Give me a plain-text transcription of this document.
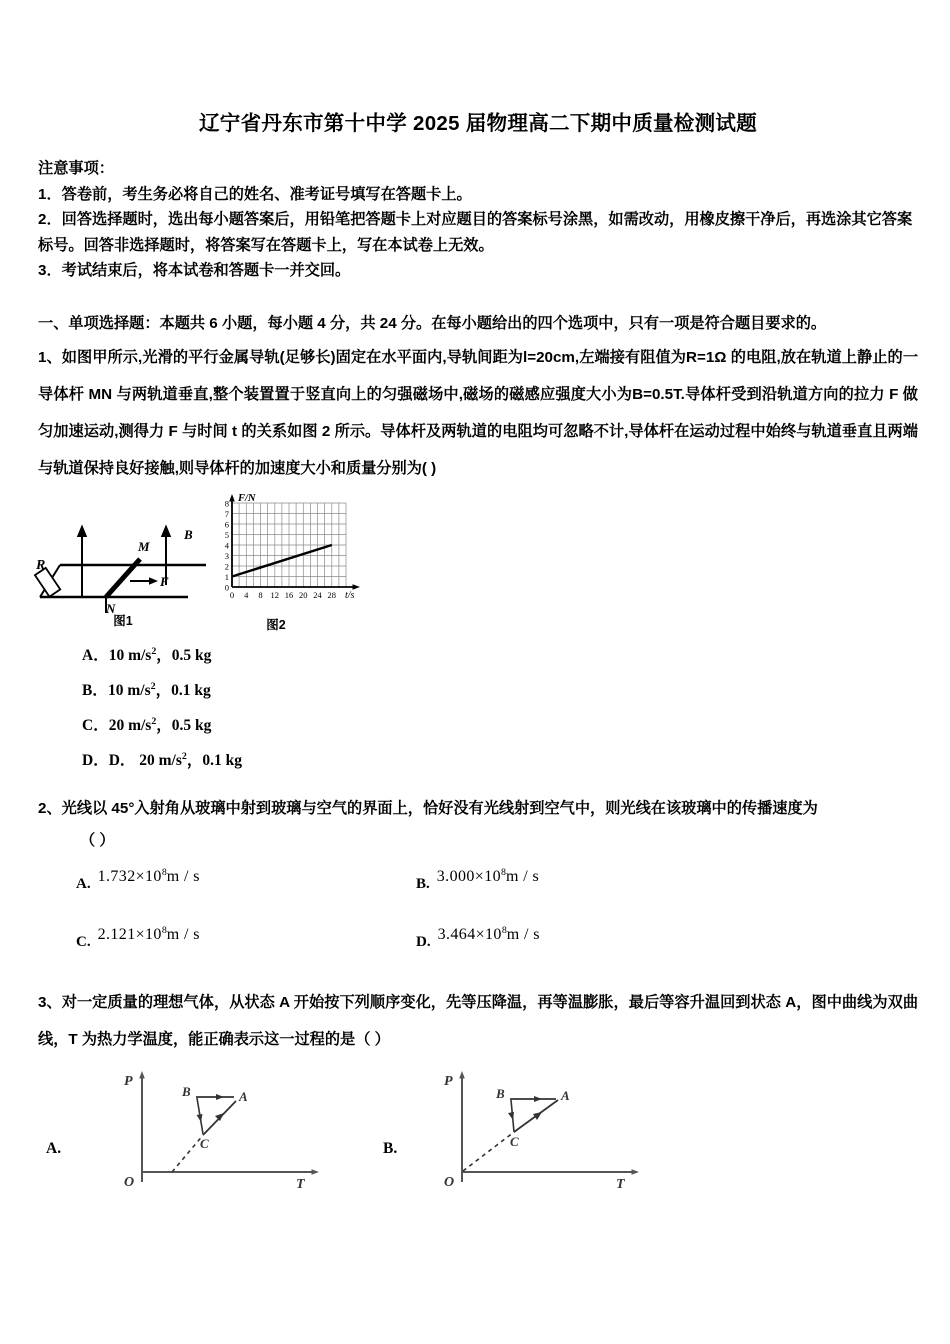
辽宁省丹东市第十中学 2025 届物理高二下期中质量检测试题
注意事项：
1．答卷前，考生务必将自己的姓名、准考证号填写在答题卡上。
2．回答选择题时，选出每小题答案后，用铅笔把答题卡上对应题目的答案标号涂黑，如需改动，用橡皮擦干净后，再选涂其它答案标号。回答非选择题时，将答案写在答题卡上，写在本试卷上无效。
3．考试结束后，将本试卷和答题卡一并交回。
一、单项选择题：本题共 6 小题，每小题 4 分，共 24 分。在每小题给出的四个选项中，只有一项是符合题目要求的。
1、如图甲所示,光滑的平行金属导轨(足够长)固定在水平面内,导轨间距为l=20cm,左端接有阻值为R=1Ω 的电阻,放在轨道上静止的一导体杆 MN 与两轨道垂直,整个装置置于竖直向上的匀强磁场中,磁场的磁感应强度大小为B=0.5T.导体杆受到沿轨道方向的拉力 F 做匀加速运动,测得力 F 与时间 t 的关系如图 2 所示。导体杆及两轨道的电阻均可忽略不计,导体杆在运动过程中始终与轨道垂直且两端与轨道保持良好接触,则导体杆的加速度大小和质量分别为( )
R
M
N
F
B
图1
0
1
2
3
4
5
6
7
8
0 4 8 12 16 20 24 28
F/N
t/s
图2
A．10 $m/s^2$，0.5 kg
B．10 $m/s^2$，0.1 kg
C．20 $m/s^2$，0.5 kg
D．D． 20 $m/s^2$，0.1 kg
2、光线以 45°入射角从玻璃中射到玻璃与空气的界面上，恰好没有光线射到空气中，则光线在该玻璃中的传播速度为
（ ）
A. $1.732\times 10^8m / s$	B. $3.000\times 10^8m / s$
C. $2.121\times 10^8m / s$	D. $3.464\times 10^8m / s$
3、对一定质量的理想气体，从状态 A 开始按下列顺序变化，先等压降温，再等温膨胀，最后等容升温回到状态 A，图中曲线为双曲线，T 为热力学温度，能正确表示这一过程的是（ ）
A.
P
O	T
B	A
C	B.
P
O	T
B	A
C
